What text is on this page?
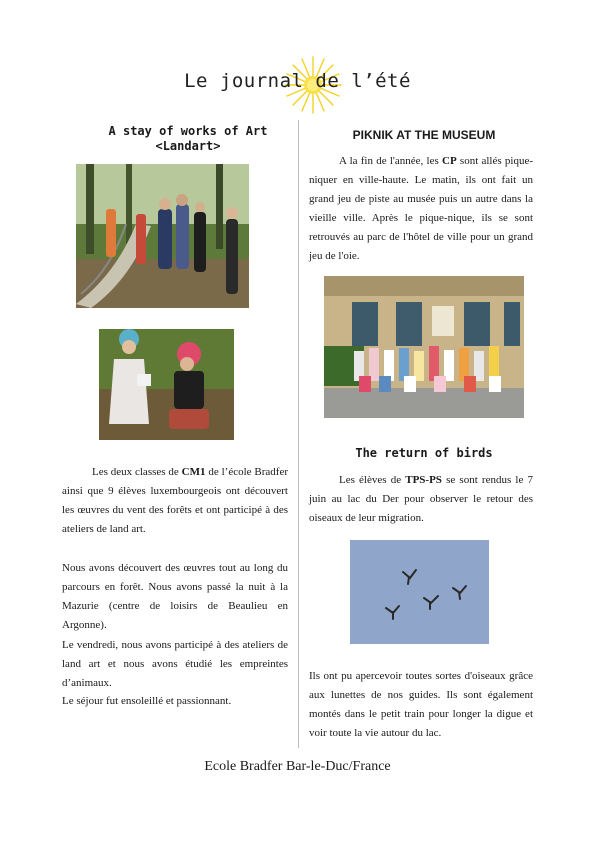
Le journal de l’été
A stay of works of Art
<Landart>

Les deux classes de CM1 de l’école Bradfer ainsi que 9 élèves luxembourgeois ont découvert les œuvres du vent des forêts et ont participé à des ateliers de land art.

Nous avons découvert des œuvres tout au long du parcours en forêt. Nous avons passé la nuit à la Mazurie (centre de loisirs de Beaulieu en Argonne).

Le vendredi, nous avons participé à des ateliers de land art et nous avons étudié les empreintes d’animaux.

Le séjour fut ensoleillé et passionnant.

PIKNIK AT THE MUSEUM

A la fin de l'année, les CP sont allés pique-niquer en ville-haute. Le matin, ils ont fait un grand jeu de piste au musée puis un autre dans la vieille ville. Après le pique-nique, ils se sont retrouvés au parc de l'hôtel de ville pour un grand jeu de l'oie.

The return of birds

Les élèves de TPS-PS se sont rendus le 7 juin au lac du Der pour observer le retour des oiseaux de leur migration.

Ils ont pu apercevoir toutes sortes d'oiseaux grâce aux lunettes de nos guides. Ils sont également montés dans le petit train pour longer la digue et voir toute la vie autour du lac.

Ecole Bradfer Bar-le-Duc/France
